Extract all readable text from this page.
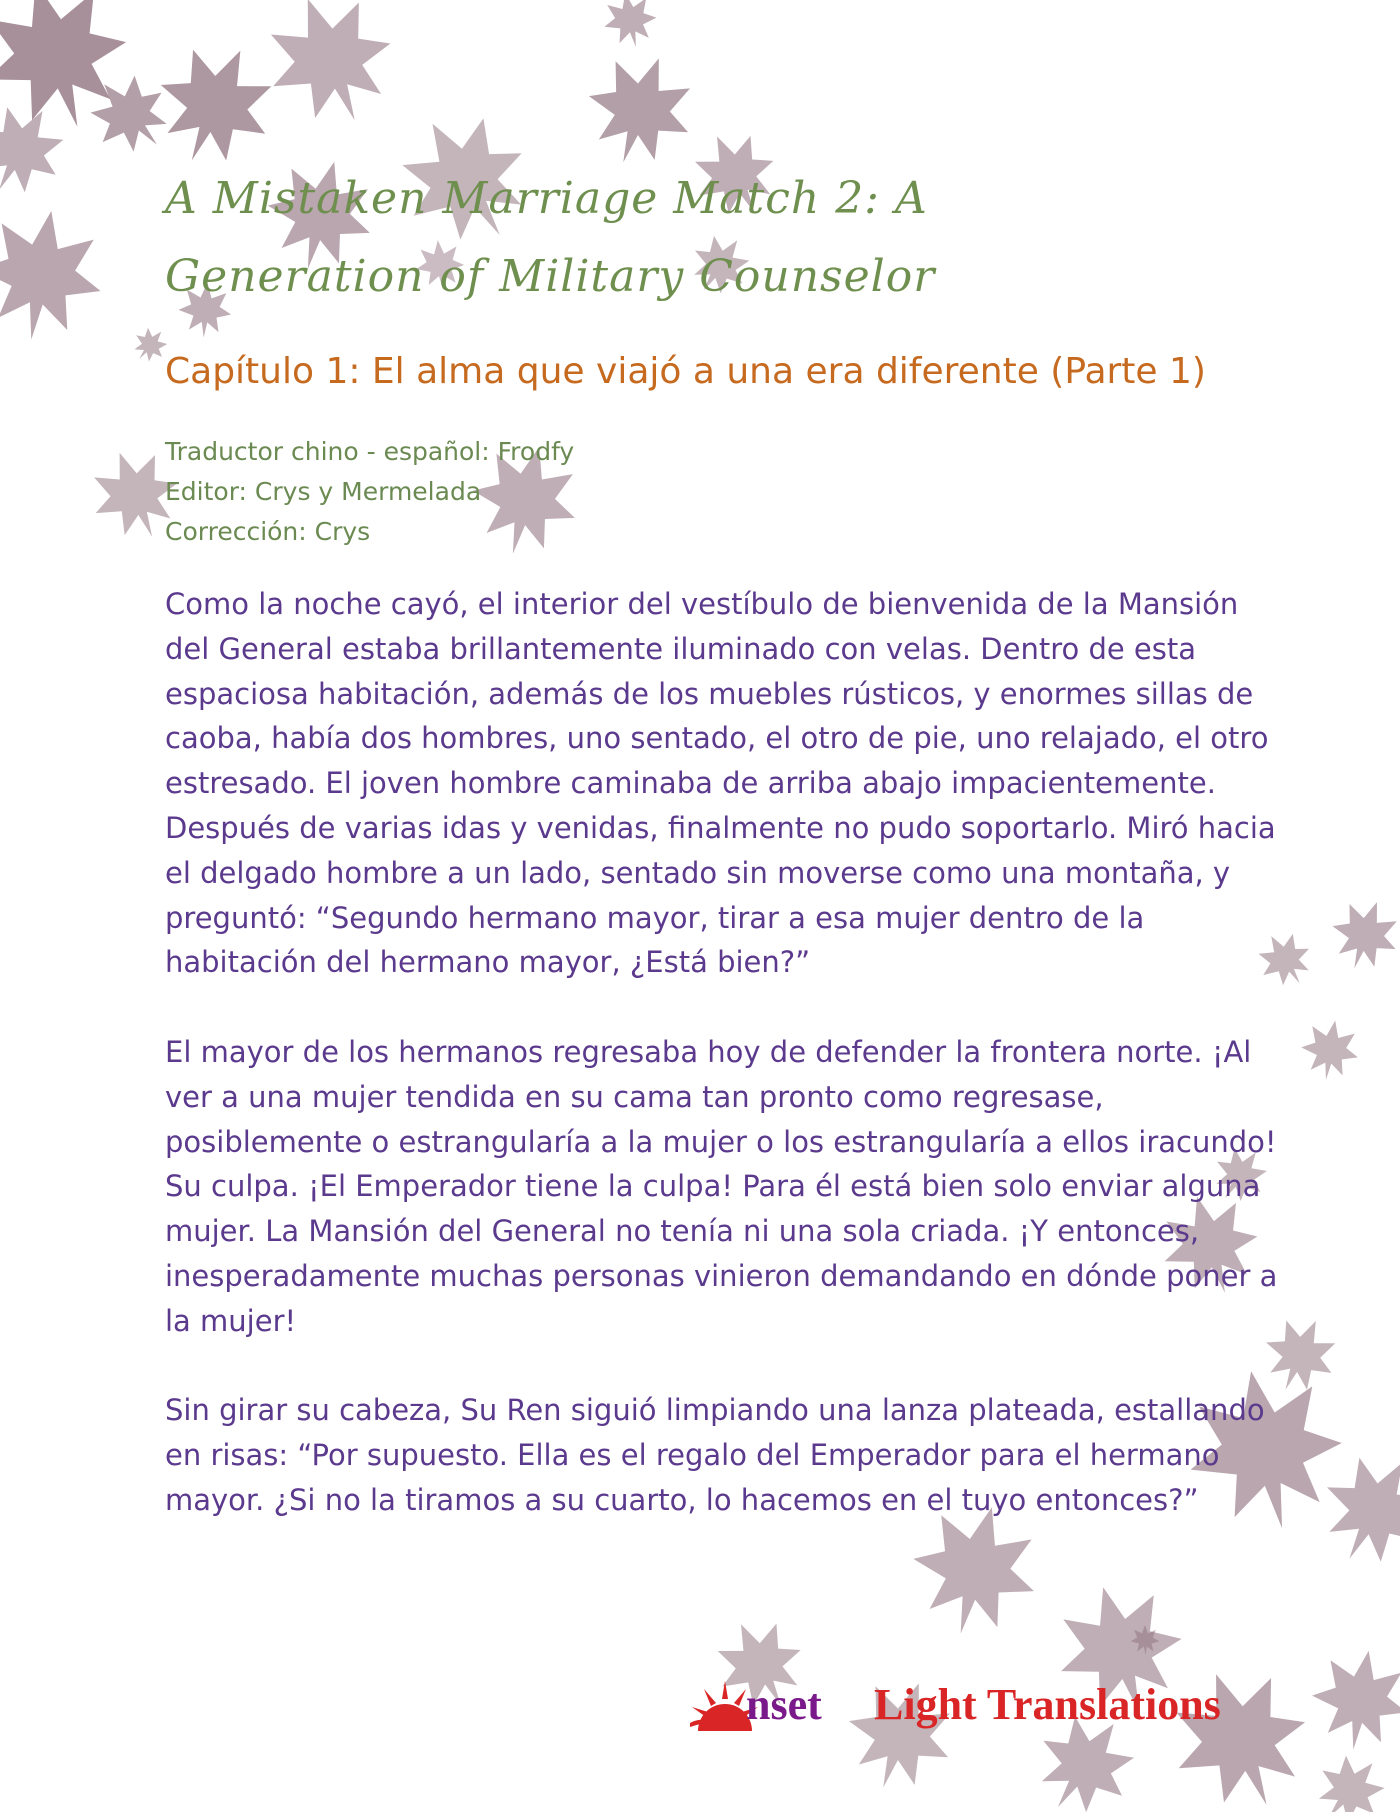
A Mistaken Marriage Match 2: A
Generation of Military Counselor
Capítulo 1: El alma que viajó a una era diferente (Parte 1)
Traductor chino - español: Frodfy
Editor: Crys y Mermelada
Corrección: Crys

Como la noche cayó, el interior del vestíbulo de bienvenida de la Mansión del General estaba brillantemente iluminado con velas. Dentro de esta espaciosa habitación, además de los muebles rústicos, y enormes sillas de caoba, había dos hombres, uno sentado, el otro de pie, uno relajado, el otro estresado. El joven hombre caminaba de arriba abajo impacientemente. Después de varias idas y venidas, finalmente no pudo soportarlo. Miró hacia el delgado hombre a un lado, sentado sin moverse como una montaña, y preguntó: “Segundo hermano mayor, tirar a esa mujer dentro de la habitación del hermano mayor, ¿Está bien?”

El mayor de los hermanos regresaba hoy de defender la frontera norte. ¡Al ver a una mujer tendida en su cama tan pronto como regresase, posiblemente o estrangularía a la mujer o los estrangularía a ellos iracundo! Su culpa. ¡El Emperador tiene la culpa! Para él está bien solo enviar alguna mujer. La Mansión del General no tenía ni una sola criada. ¡Y entonces, inesperadamente muchas personas vinieron demandando en dónde poner a la mujer!

Sin girar su cabeza, Su Ren siguió limpiando una lanza plateada, estallando en risas: “Por supuesto. Ella es el regalo del Emperador para el hermano mayor. ¿Si no la tiramos a su cuarto, lo hacemos en el tuyo entonces?”

nset Light Translations
